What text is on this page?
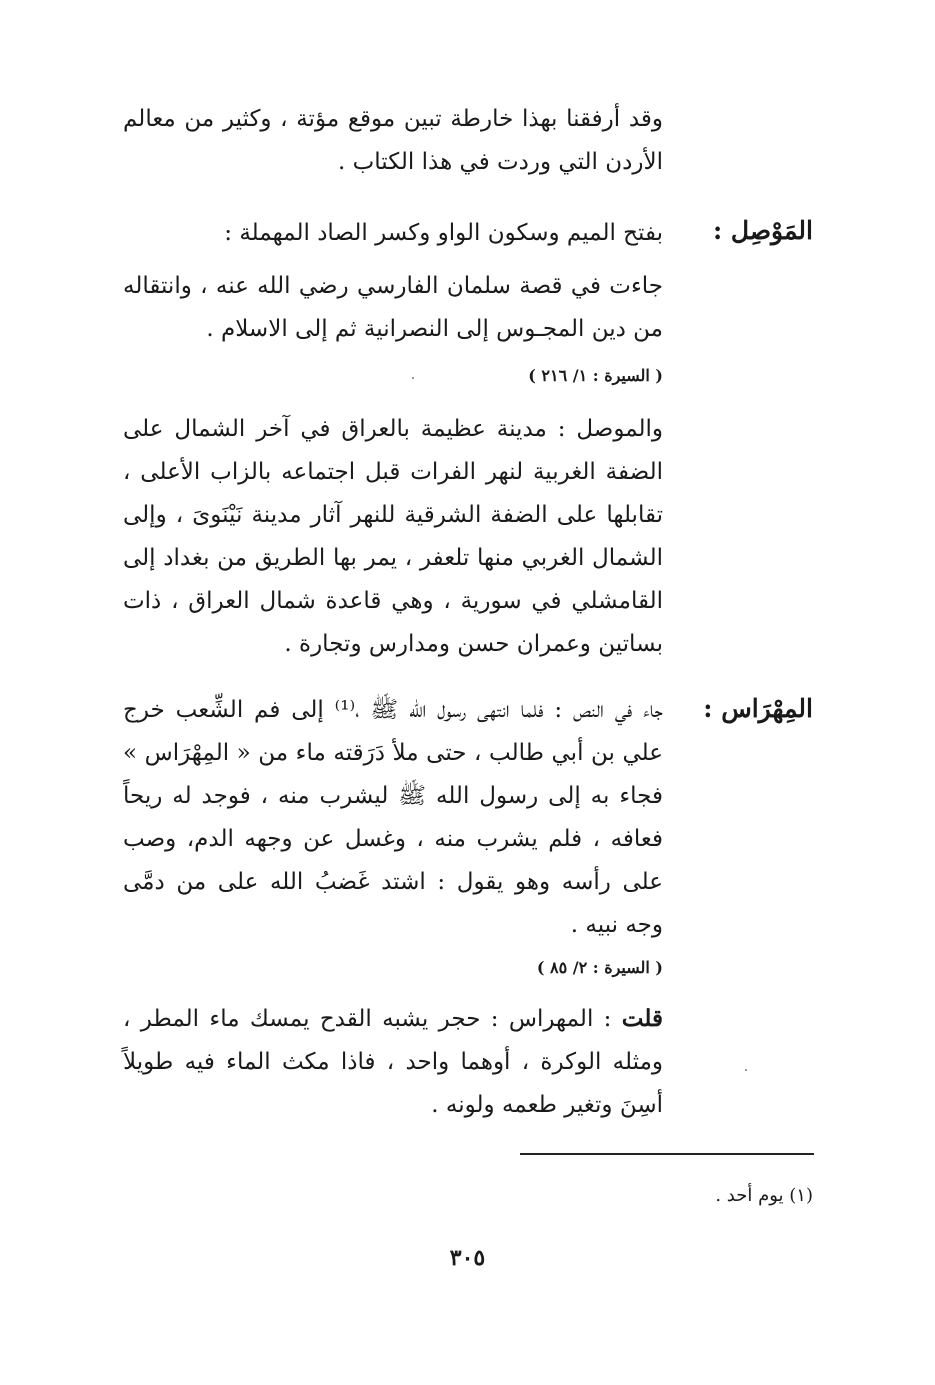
وقد أرفقنا بهذا خارطة تبين موقع مؤتة ، وكثير من معالم الأردن التي وردت في هذا الكتاب .
المَوْصِل :
بفتح الميم وسكون الواو وكسر الصاد المهملة :
جاءت في قصة سلمان الفارسي رضي الله عنه ، وانتقاله من دين المجـوس إلى النصرانية ثم إلى الاسلام .
( السيرة : ١/ ٢١٦ )
والموصل : مدينة عظيمة بالعراق في آخر الشمال على الضفة الغربية لنهر الفرات قبل اجتماعه بالزاب الأعلى ، تقابلها على الضفة الشرقية للنهر آثار مدينة نَيْنَوىَ ، وإلى الشمال الغربي منها تلعفر ، يمر بها الطريق من بغداد إلى القامشلي في سورية ، وهي قاعدة شمال العراق ، ذات بساتين وعمران حسن ومدارس وتجارة .
المِهْرَاس :
جاء في النص : فلما انتهى رسول الله ﷺ ،⁽¹⁾ إلى فم الشِّعب خرج علي بن أبي طالب ، حتى ملأ دَرَقته ماء من « المِهْرَاس » فجاء به إلى رسول الله ﷺ ليشرب منه ، فوجد له ريحاً فعافه ، فلم يشرب منه ، وغسل عن وجهه الدم، وصب على رأسه وهو يقول : اشتد غَضبُ الله على من دمَّى وجه نبيه .
( السيرة : ٢/ ٨٥ )
قلت : المهراس : حجر يشبه القدح يمسك ماء المطر ، ومثله الوكرة ، أوهما واحد ، فاذا مكث الماء فيه طويلاً أسِنَ وتغير طعمه ولونه .
(١) يوم أحد .
٣٠٥
